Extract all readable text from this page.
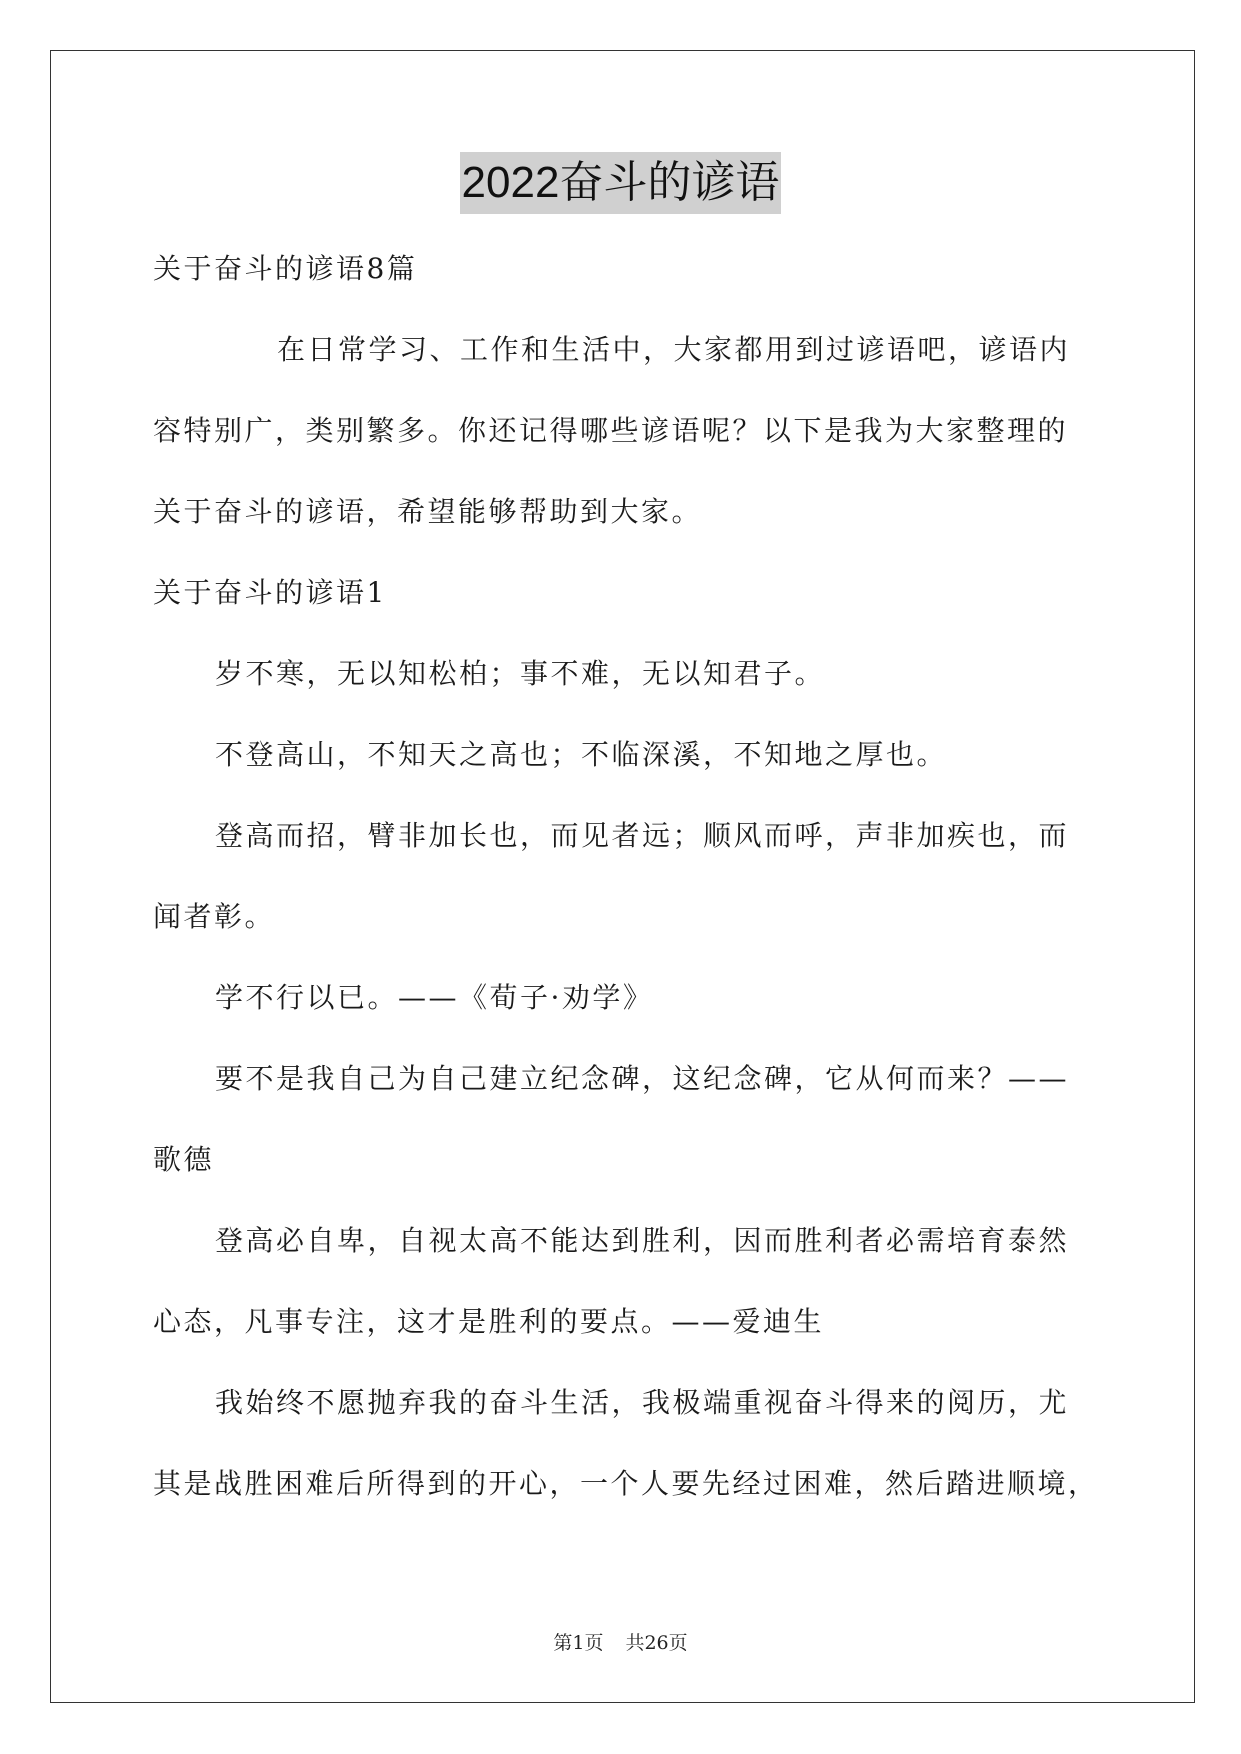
2022奋斗的谚语
关于奋斗的谚语8篇
在日常学习、工作和生活中，大家都用到过谚语吧，谚语内
容特别广，类别繁多。你还记得哪些谚语呢？以下是我为大家整理的
关于奋斗的谚语，希望能够帮助到大家。
关于奋斗的谚语1
岁不寒，无以知松柏；事不难，无以知君子。
不登高山，不知天之高也；不临深溪，不知地之厚也。
登高而招，臂非加长也，而见者远；顺风而呼，声非加疾也，而
闻者彰。
学不行以已。——《荀子·劝学》
要不是我自己为自己建立纪念碑，这纪念碑，它从何而来？——
歌德
登高必自卑，自视太高不能达到胜利，因而胜利者必需培育泰然
心态，凡事专注，这才是胜利的要点。——爱迪生
我始终不愿抛弃我的奋斗生活，我极端重视奋斗得来的阅历，尤
其是战胜困难后所得到的开心，一个人要先经过困难，然后踏进顺境，
第1页 共26页
